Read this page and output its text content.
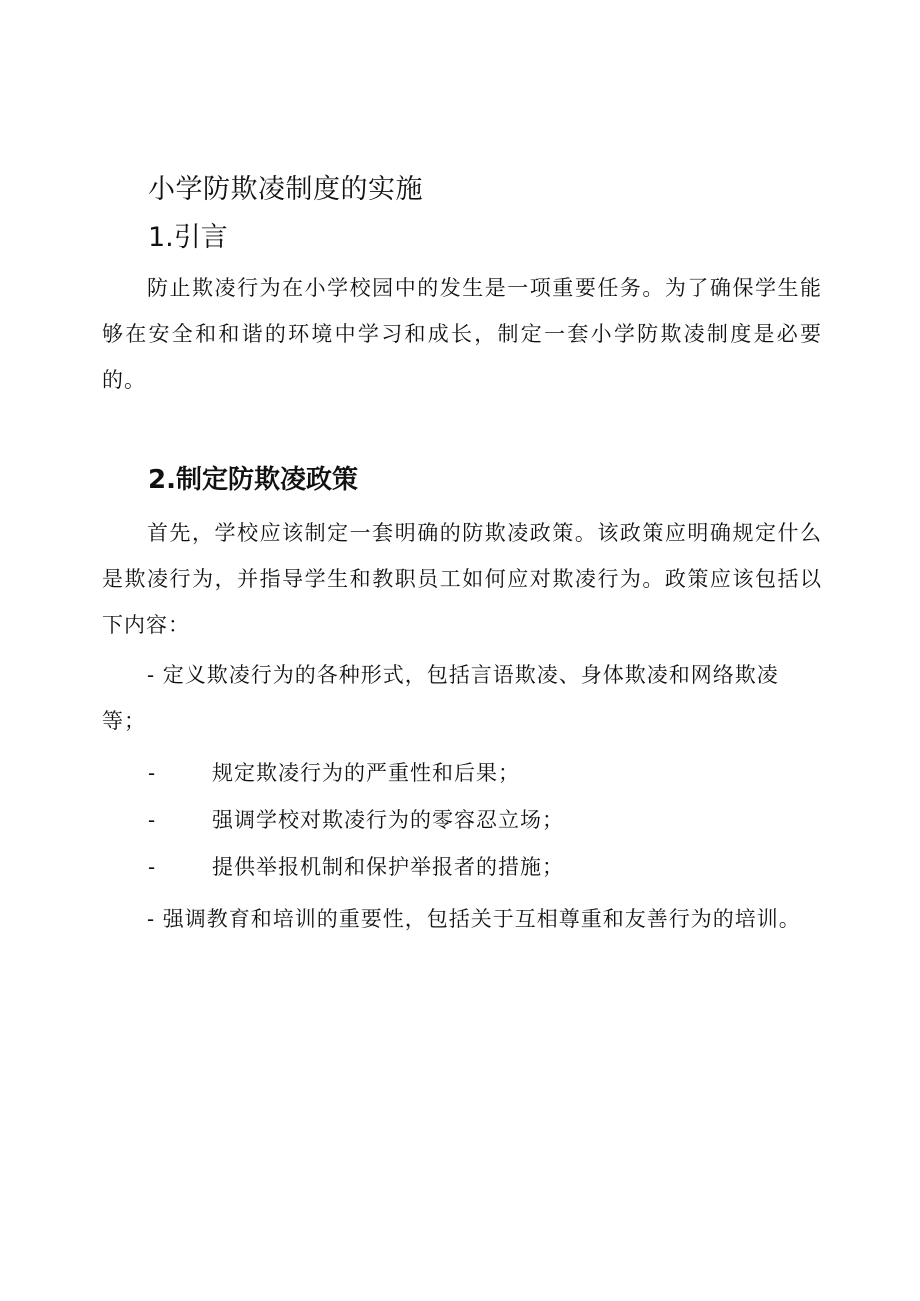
小学防欺凌制度的实施
1.引言

防止欺凌行为在小学校园中的发生是一项重要任务。为了确保学生能够在安全和和谐的环境中学习和成长，制定一套小学防欺凌制度是必要的。

2.制定防欺凌政策

首先，学校应该制定一套明确的防欺凌政策。该政策应明确规定什么是欺凌行为，并指导学生和教职员工如何应对欺凌行为。政策应该包括以下内容：

- 定义欺凌行为的各种形式，包括言语欺凌、身体欺凌和网络欺凌等；

-	规定欺凌行为的严重性和后果；
-	强调学校对欺凌行为的零容忍立场；
-	提供举报机制和保护举报者的措施；

- 强调教育和培训的重要性，包括关于互相尊重和友善行为的培训。
